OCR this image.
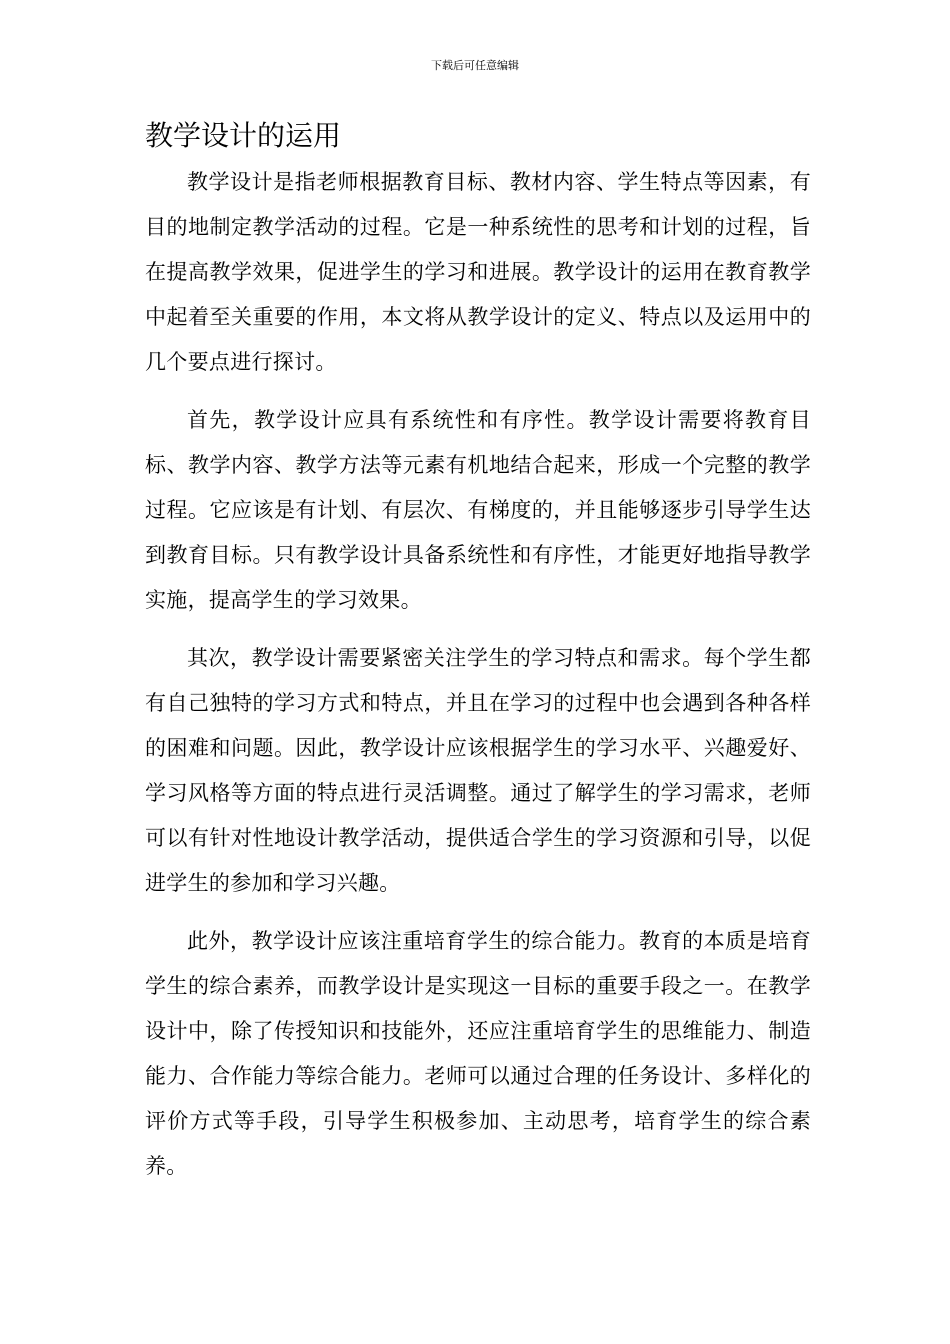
下载后可任意编辑
教学设计的运用

教学设计是指老师根据教育目标、教材内容、学生特点等因素，有目的地制定教学活动的过程。它是一种系统性的思考和计划的过程，旨在提高教学效果，促进学生的学习和进展。教学设计的运用在教育教学中起着至关重要的作用，本文将从教学设计的定义、特点以及运用中的几个要点进行探讨。

首先，教学设计应具有系统性和有序性。教学设计需要将教育目标、教学内容、教学方法等元素有机地结合起来，形成一个完整的教学过程。它应该是有计划、有层次、有梯度的，并且能够逐步引导学生达到教育目标。只有教学设计具备系统性和有序性，才能更好地指导教学实施，提高学生的学习效果。

其次，教学设计需要紧密关注学生的学习特点和需求。每个学生都有自己独特的学习方式和特点，并且在学习的过程中也会遇到各种各样的困难和问题。因此，教学设计应该根据学生的学习水平、兴趣爱好、学习风格等方面的特点进行灵活调整。通过了解学生的学习需求，老师可以有针对性地设计教学活动，提供适合学生的学习资源和引导，以促进学生的参加和学习兴趣。

此外，教学设计应该注重培育学生的综合能力。教育的本质是培育学生的综合素养，而教学设计是实现这一目标的重要手段之一。在教学设计中，除了传授知识和技能外，还应注重培育学生的思维能力、制造能力、合作能力等综合能力。老师可以通过合理的任务设计、多样化的评价方式等手段，引导学生积极参加、主动思考，培育学生的综合素养。
